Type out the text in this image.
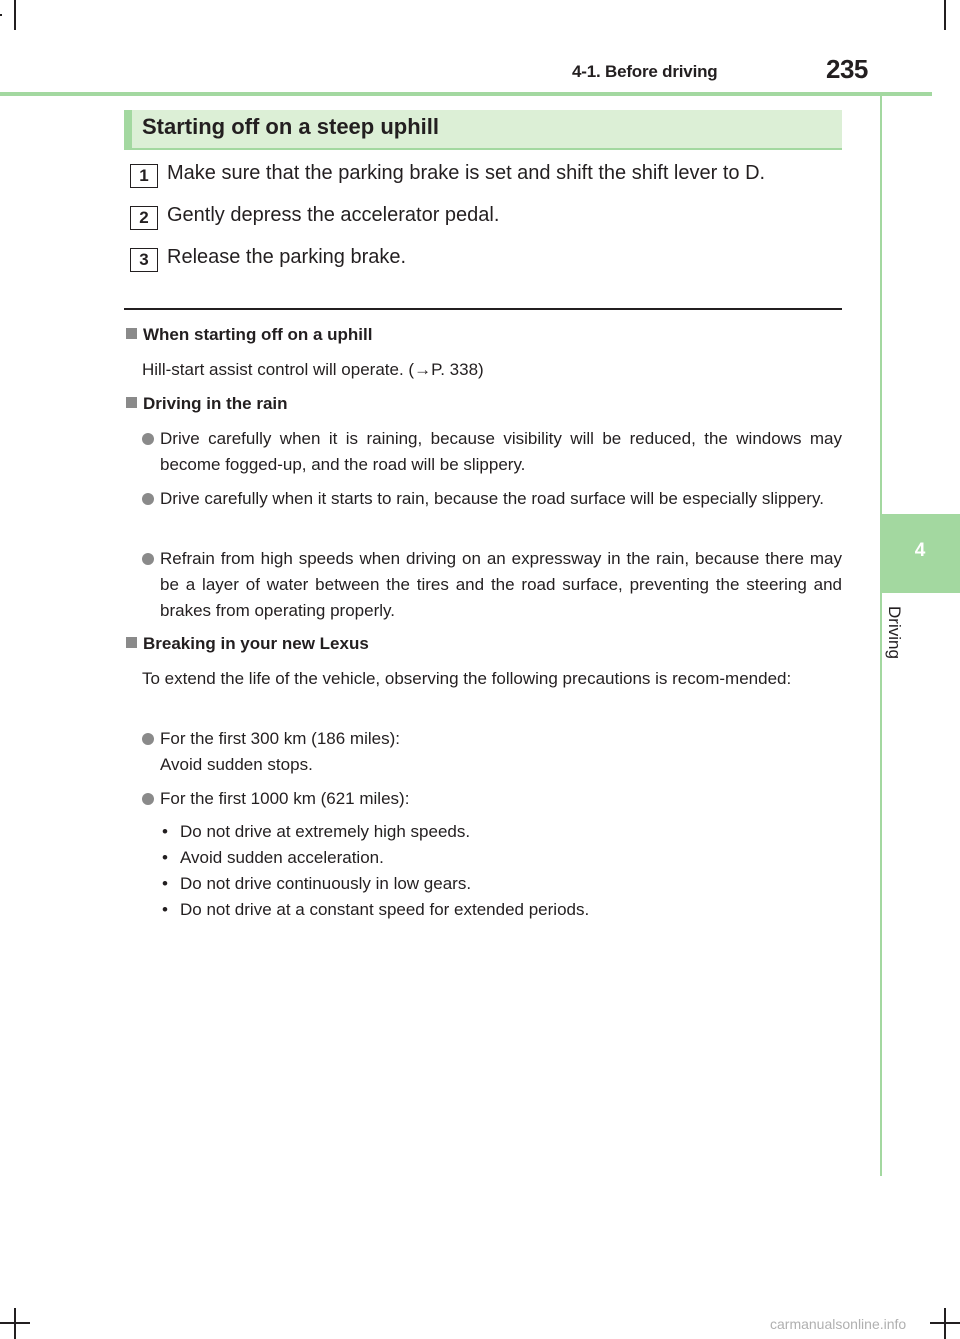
4-1. Before driving	235
4
Driving
Starting off on a steep uphill
1 Make sure that the parking brake is set and shift the shift lever to D.
2 Gently depress the accelerator pedal.
3 Release the parking brake.
When starting off on a uphill
Hill-start assist control will operate. (→P. 338)
Driving in the rain
Drive carefully when it is raining, because visibility will be reduced, the windows may become fogged-up, and the road will be slippery.
Drive carefully when it starts to rain, because the road surface will be especially slippery.
Refrain from high speeds when driving on an expressway in the rain, because there may be a layer of water between the tires and the road surface, preventing the steering and brakes from operating properly.
Breaking in your new Lexus
To extend the life of the vehicle, observing the following precautions is recom-mended:
For the first 300 km (186 miles):
Avoid sudden stops.
For the first 1000 km (621 miles):
• Do not drive at extremely high speeds.
• Avoid sudden acceleration.
• Do not drive continuously in low gears.
• Do not drive at a constant speed for extended periods.
carmanualsonline.info
